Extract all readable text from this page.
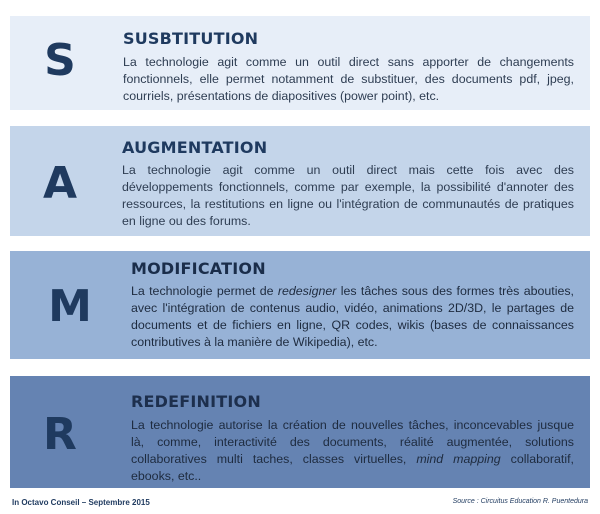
S	SUSBTITUTION
La technologie agit comme un outil direct sans apporter de changements fonctionnels, elle permet notamment de substituer, des documents pdf, jpeg, courriels, présentations de diapositives (power point), etc.
A
AUGMENTATION
La technologie agit comme un outil direct mais cette fois avec des développements fonctionnels, comme par exemple, la possibilité d'annoter des ressources, la restitutions en ligne ou l'intégration de communautés de pratiques en ligne ou des forums.
M
MODIFICATION
La technologie permet de redesigner les tâches sous des formes très abouties, avec l'intégration de contenus audio, vidéo, animations 2D/3D, le partages de documents et de fichiers en ligne, QR codes, wikis (bases de connaissances contributives à la manière de Wikipedia), etc.
R
REDEFINITION
La technologie autorise la création de nouvelles tâches, inconcevables jusque là, comme, interactivité des documents, réalité augmentée, solutions collaboratives multi taches, classes virtuelles, mind mapping collaboratif, ebooks, etc..
In Octavo Conseil – Septembre 2015	Source : Circuitus Education R. Puentedura
